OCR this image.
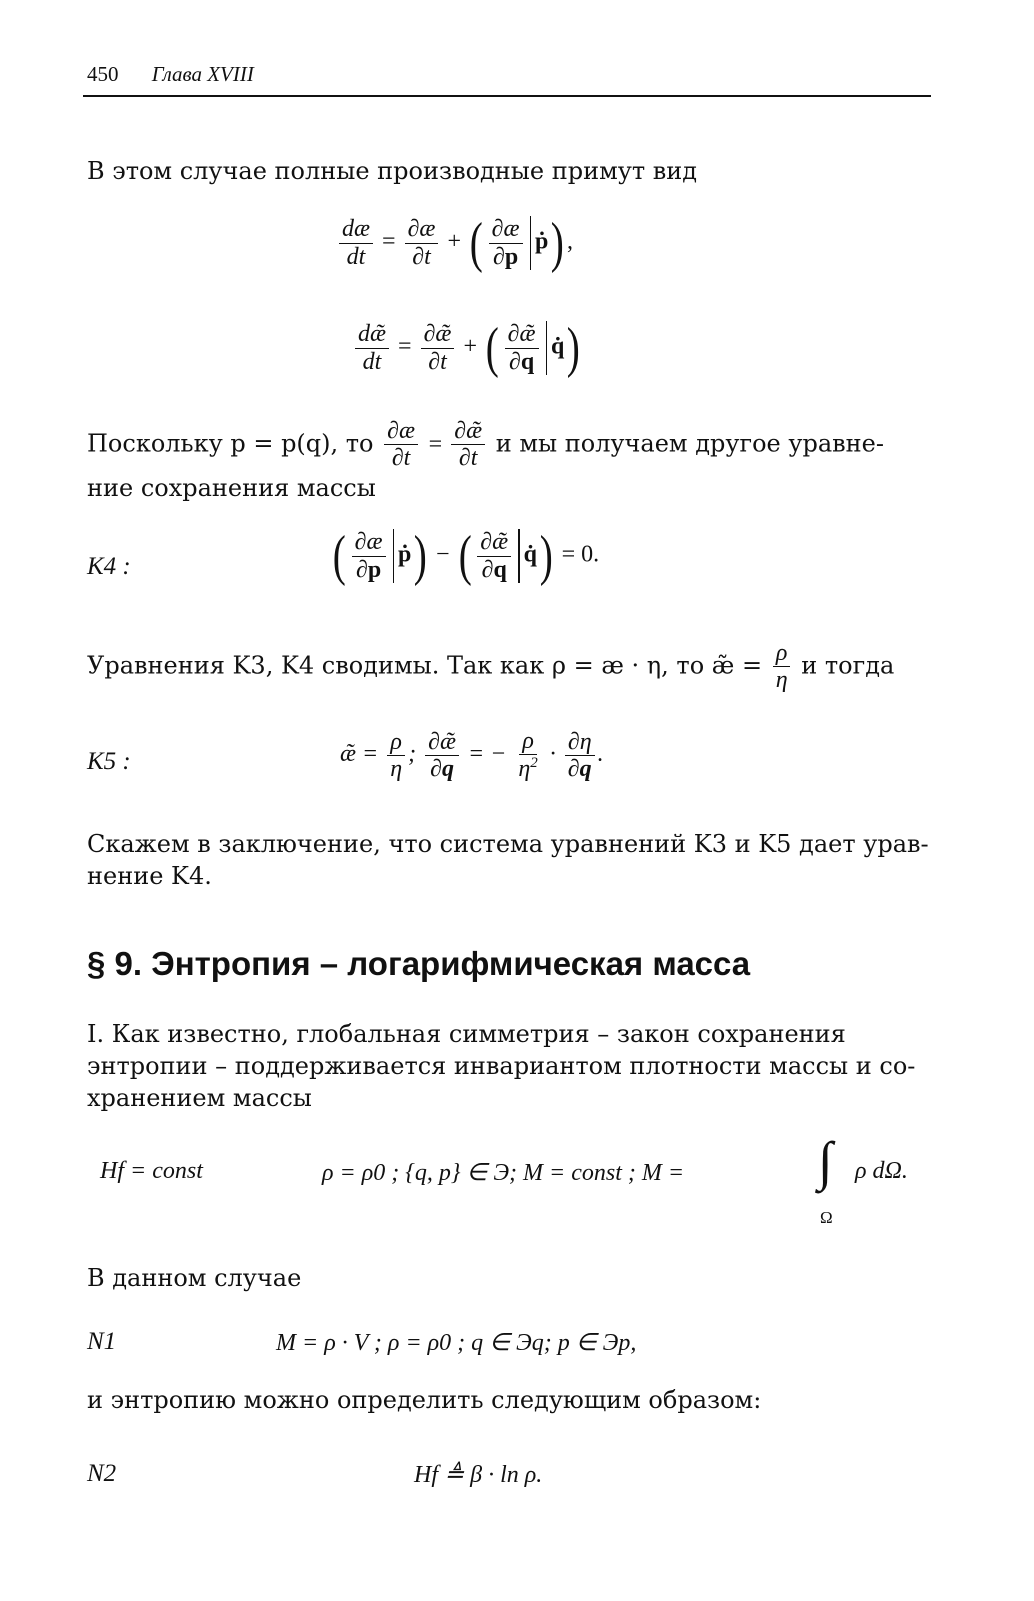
450 Глава XVIII
В этом случае полные производные примут вид
$\frac{dæ}{dt} = \frac{\partial æ}{\partial t}$ + ( $\frac{\partial æ}{\partial p}$ ṗ) ,
$\frac{dæ̃}{dt} = \frac{\partial æ̃}{\partial t}$ + ( $\frac{\partial æ̃}{\partial q}$ q̇)
Поскольку p = p(q), то $\frac{\partial æ}{\partial t} = \frac{\partial æ̃}{\partial t}$ и мы получаем другое уравне-
ние сохранения массы
K4 :	( $\frac{\partial æ}{\partial p}$ ṗ) − ( $\frac{\partial æ̃}{\partial q}$ q̇) = 0.
Уравнения K3, K4 сводимы. Так как ρ = æ · η, то æ̃ = $\frac{\rho}{\eta}$ и тогда
K5 :	æ̃ = $\frac{\rho}{\eta}$ ; $\frac{\partial æ̃}{\partial q}$ = − $\frac{\rho}{\eta^2} \cdot \frac{\partial\eta}{\partial q}$ .
Скажем в заключение, что система уравнений K3 и K5 дает урав-
нение K4.
§ 9. Энтропия – логарифмическая масса
I. Как известно, глобальная симметрия – закон сохранения
энтропии – поддерживается инвариантом плотности массы и со-
хранением массы
Hf = const	ρ = ρ0 ; {q, p} ∈ Э; M = const ; M = ∫ ρ dΩ.
Ω
В данном случае
N1	M = ρ · V ; ρ = ρ0 ; q ∈ Эq; p ∈ Эp,
и энтропию можно определить следующим образом:
N2	Hf ≜ β · ln ρ.
